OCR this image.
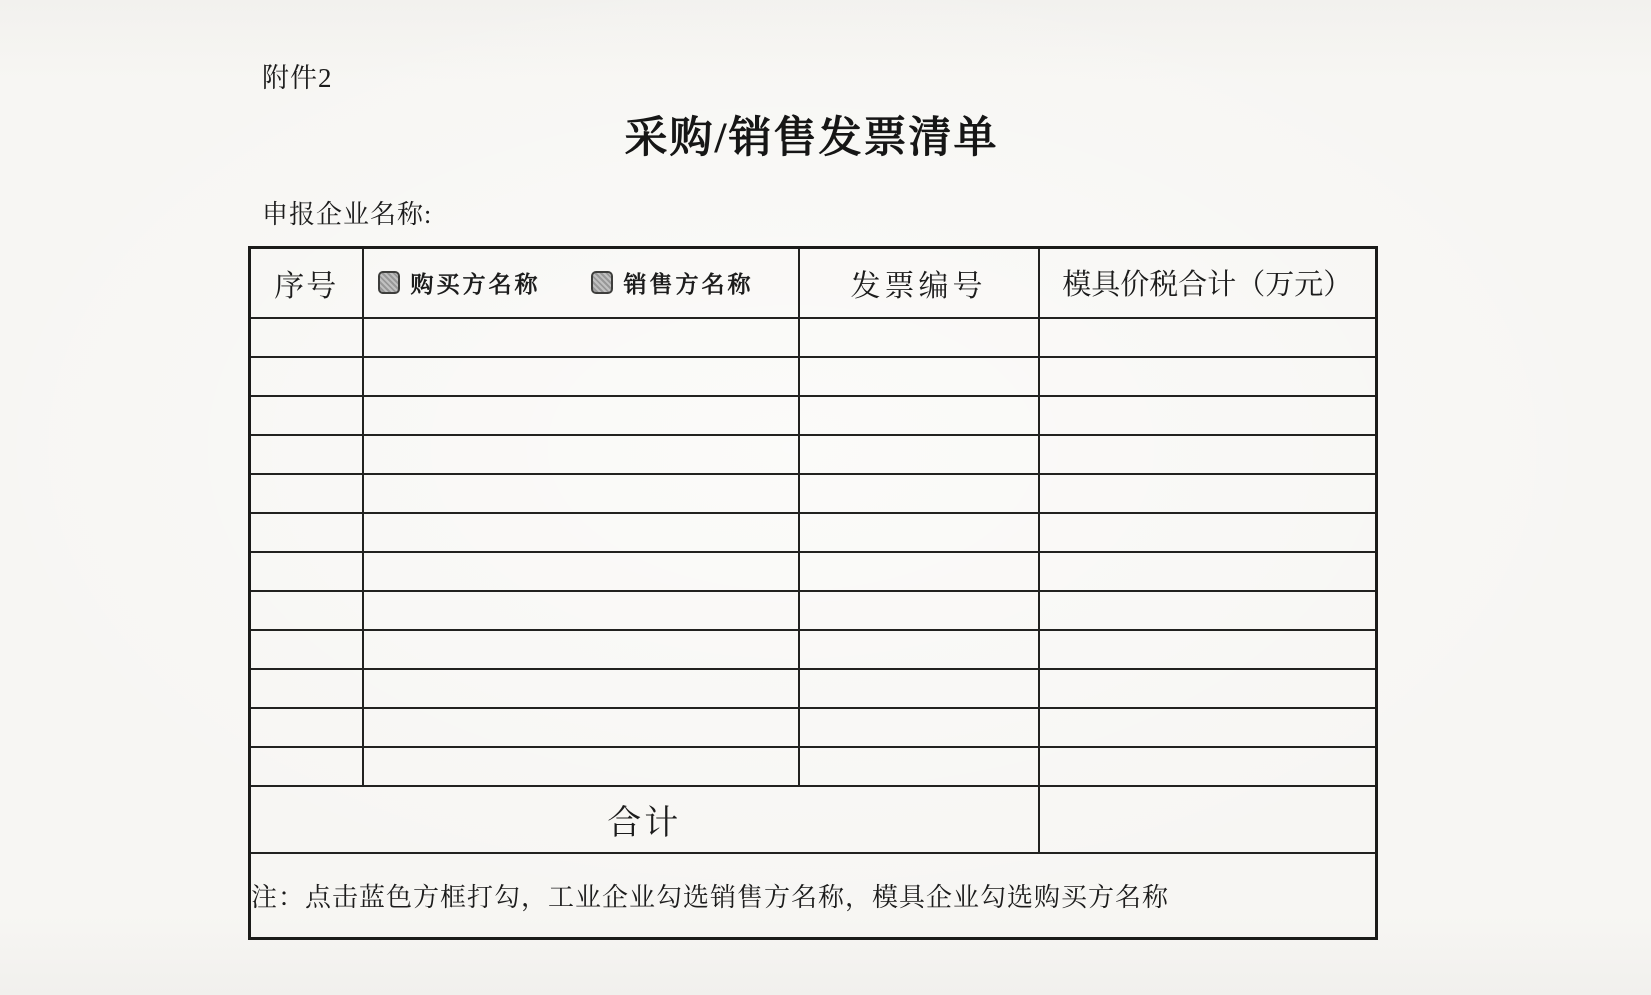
附件2
采购/销售发票清单
申报企业名称:
序号	购买方名称 销售方名称	发票编号	模具价税合计（万元）

合计			
注：点击蓝色方框打勾，工业企业勾选销售方名称，模具企业勾选购买方名称			
